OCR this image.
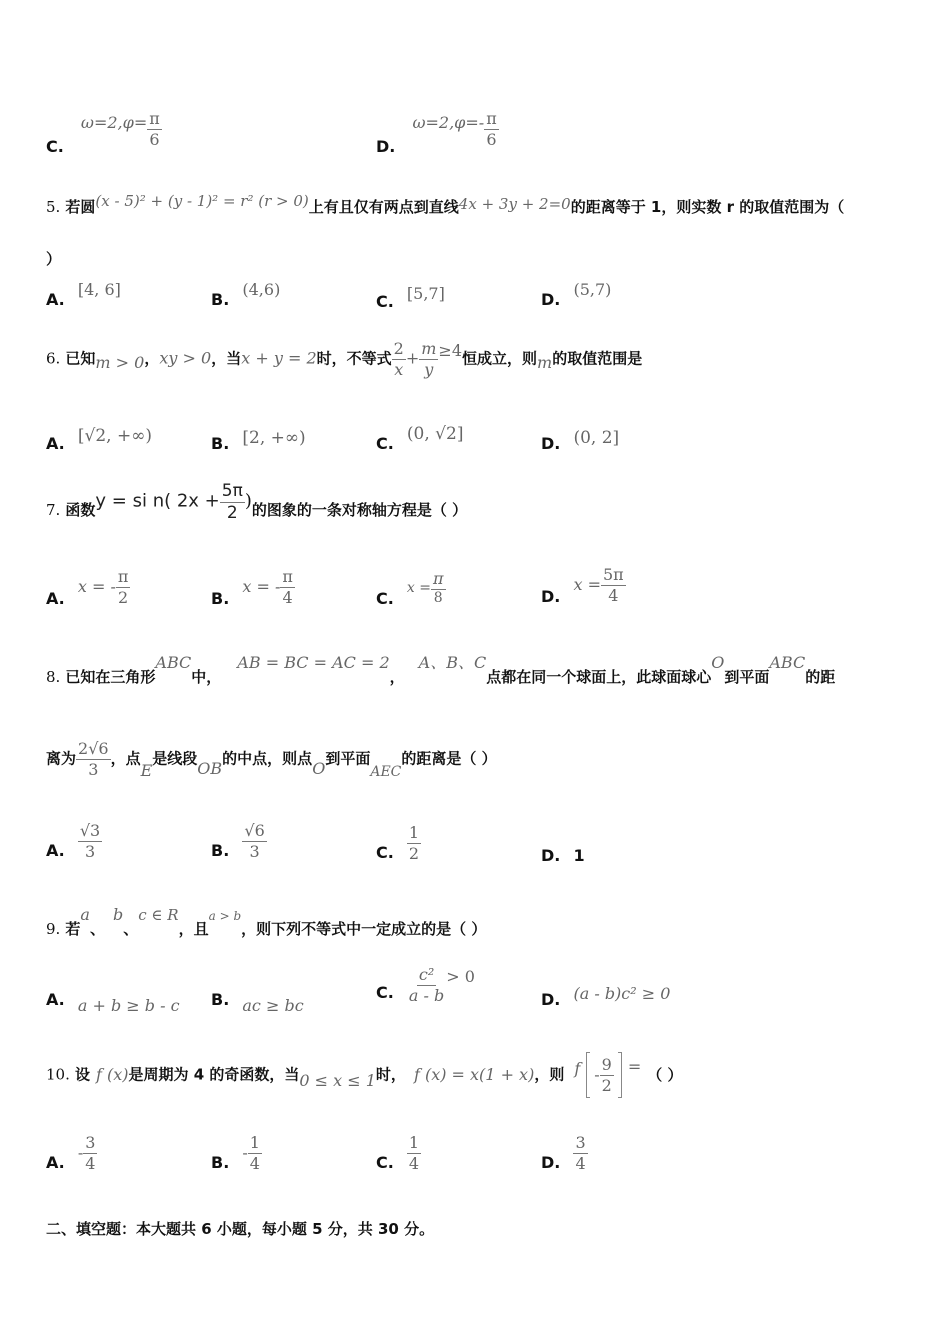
C. $\omega=2,\varphi= \frac{\pi}{6}$	D. $\omega=2,\varphi=- \frac{\pi}{6}$
5. 若圆(x - 5)² + (y - 1)² = r² (r > 0)上有且仅有两点到直线4x + 3y + 2=0的距离等于 1，则实数 r 的取值范围为（
）
A. [4, 6]
B. (4,6)
C. [5,7]	D. (5,7)
6. 已知m > 0，xy > 0，当x + y = 2时，不等式 $\frac{2}{x} + \frac{m}{y} \ge 4$恒成立，则m的取值范围是
A. [√2, +∞)	B. [2, +∞)	C. (0, √2]	D. (0, 2]
7. 函数y = si n( $2x + \frac{5\pi}{2}$ )的图象的一条对称轴方程是（ ）
A. x = - $\frac{\pi}{2}$	B. x = - $\frac{\pi}{4}$	C. $x = \frac{\pi}{8}$	D. $x = \frac{5\pi}{4}$
8. 已知在三角形ABC中，AB = BC = AC = 2，A、B、C点都在同一个球面上，此球面球心O到平面ABC的距
离为 $\frac{2√6}{3}$ ，点E是线段OB的中点，则点O到平面AEC的距离是（ ）
A. $\frac{√3}{3}$	B. $\frac{√6}{3}$	C. $\frac{1}{2}$	D. 1
9. 若a、b、c ∈ R，且a > b，则下列不等式中一定成立的是（ ）
A. a + b ≥ b - c B. ac ≥ bc
C. $\frac{\text{c²}}{a - b} > 0$
D. (a - b)c² ≥ 0
10. 设 f (x)是周期为 4 的奇函数，当0 ≤ x ≤ 1时， f (x) = x(1 + x)，则 f - $\frac{9}{2}$ = （ ）
A. - $\frac{3}{4}$	B. - $\frac{1}{4}$	C. $\frac{1}{4}$	D. $\frac{3}{4}$
二、填空题：本大题共 6 小题，每小题 5 分，共 30 分。
